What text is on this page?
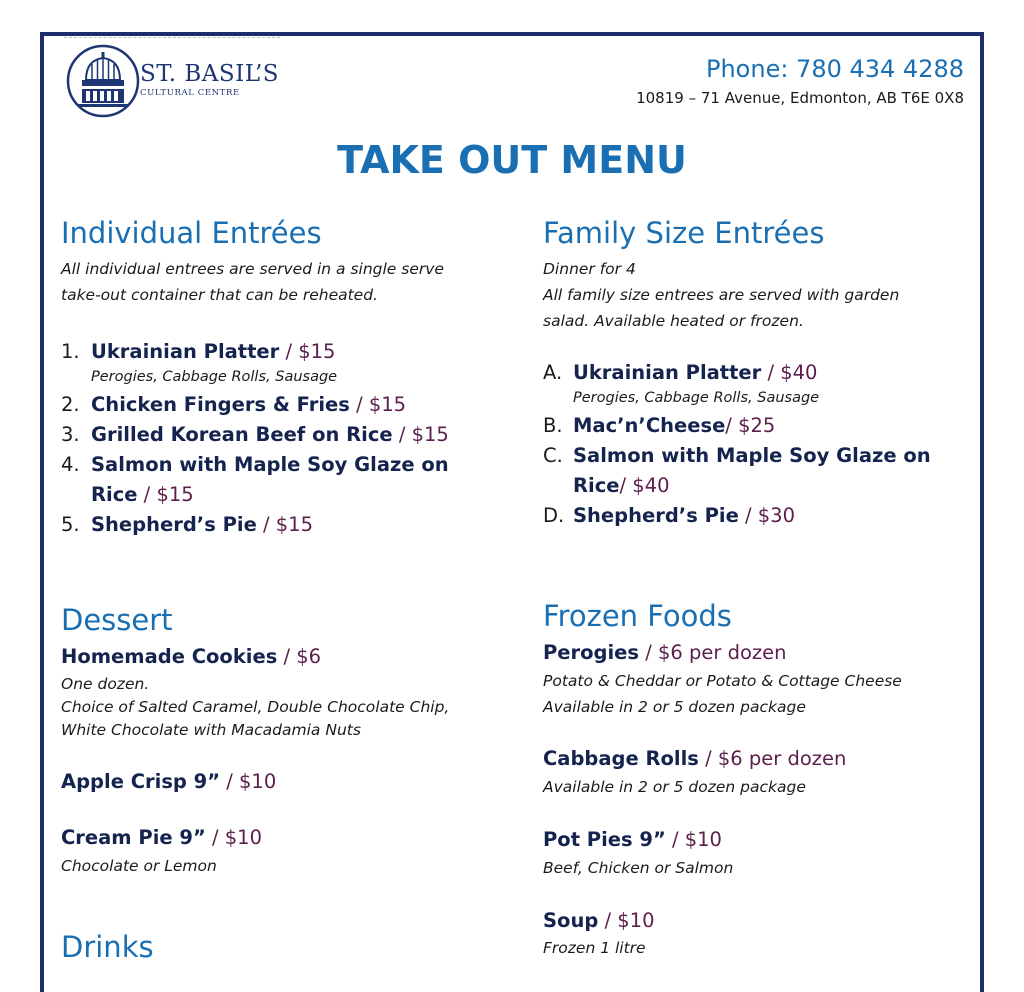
ST. BASIL’S
CULTURAL CENTRE
Phone: 780 434 4288
10819 – 71 Avenue, Edmonton, AB T6E 0X8
TAKE OUT MENU
Individual Entrées
All individual entrees are served in a single serve
take-out container that can be reheated.
1. Ukrainian Platter / $15
Perogies, Cabbage Rolls, Sausage
2. Chicken Fingers & Fries / $15
3. Grilled Korean Beef on Rice / $15
4. Salmon with Maple Soy Glaze on
Rice / $15
5. Shepherd’s Pie / $15
Family Size Entrées
Dinner for 4
All family size entrees are served with garden
salad. Available heated or frozen.
A. Ukrainian Platter / $40
Perogies, Cabbage Rolls, Sausage
B. Mac’n’Cheese/ $25
C. Salmon with Maple Soy Glaze on
Rice/ $40
D. Shepherd’s Pie / $30
Dessert
Homemade Cookies / $6
One dozen.
Choice of Salted Caramel, Double Chocolate Chip,
White Chocolate with Macadamia Nuts
Apple Crisp 9” / $10
Cream Pie 9” / $10
Chocolate or Lemon
Drinks
Frozen Foods
Perogies / $6 per dozen
Potato & Cheddar or Potato & Cottage Cheese
Available in 2 or 5 dozen package
Cabbage Rolls / $6 per dozen
Available in 2 or 5 dozen package
Pot Pies 9” / $10
Beef, Chicken or Salmon
Soup / $10
Frozen 1 litre
